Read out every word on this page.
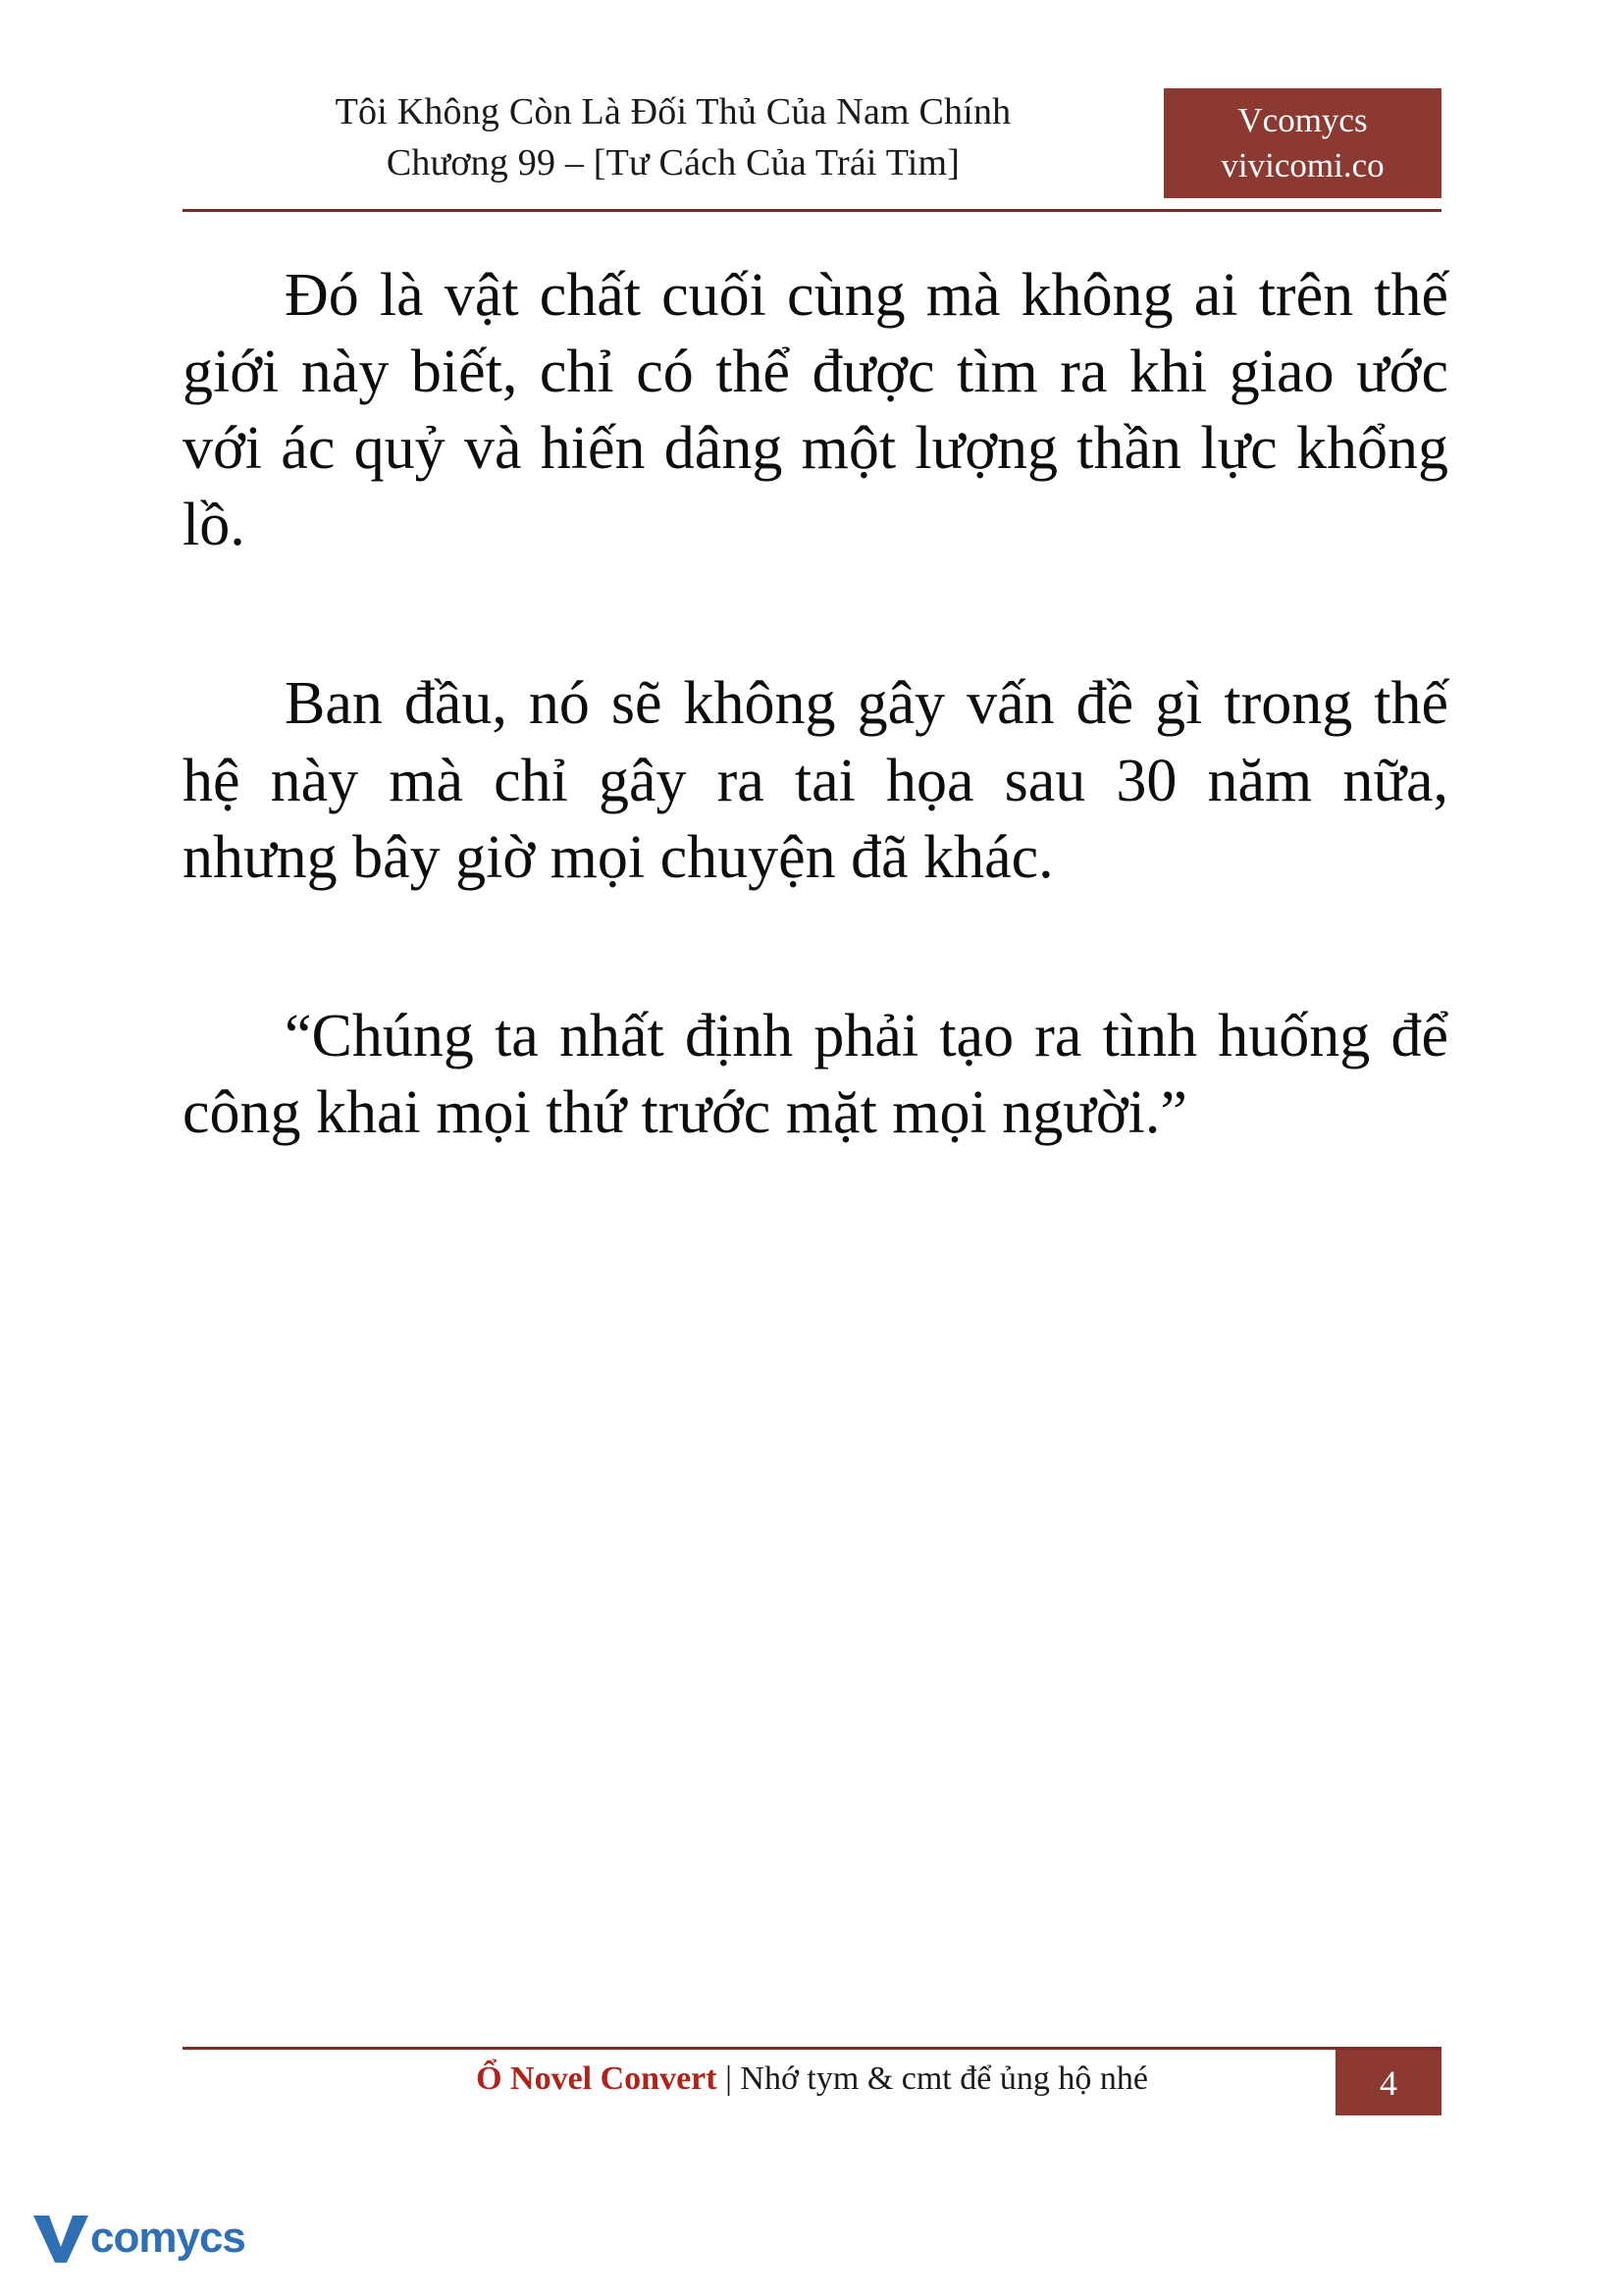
Tôi Không Còn Là Đối Thủ Của Nam Chính
Chương 99 – [Tư Cách Của Trái Tim]
Vcomycs
vivicomi.co

Đó là vật chất cuối cùng mà không ai trên thế giới này biết, chỉ có thể được tìm ra khi giao ước với ác quỷ và hiến dâng một lượng thần lực khổng lồ.

Ban đầu, nó sẽ không gây vấn đề gì trong thế hệ này mà chỉ gây ra tai họa sau 30 năm nữa, nhưng bây giờ mọi chuyện đã khác.

“Chúng ta nhất định phải tạo ra tình huống để công khai mọi thứ trước mặt mọi người.”

Ổ Novel Convert | Nhớ tym & cmt để ủng hộ nhé	4
comycs
